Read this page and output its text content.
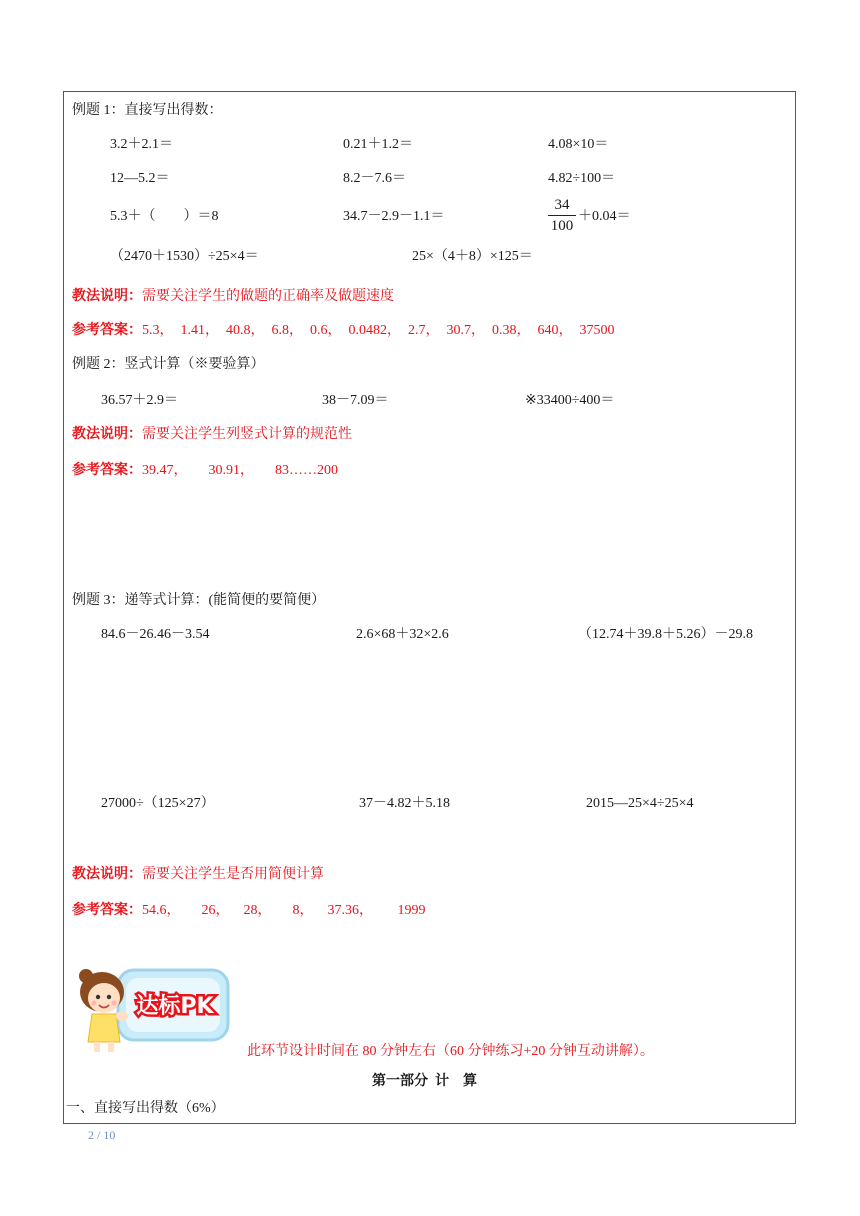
例题 1：直接写出得数：
3.2＋2.1＝	0.21＋1.2＝	4.08×10＝
12—5.2＝	8.2－7.6＝	4.82÷100＝
5.3＋（　　）＝8	34.7－2.9－1.1＝	$\frac{34}{100} +0.04=$
（2470＋1530）÷25×4＝	25×（4＋8）×125＝
教法说明：需要关注学生的做题的正确率及做题速度
参考答案：5.3，  1.41，  40.8，  6.8，  0.6，  0.0482，  2.7，  30.7，  0.38，  640，  37500
例题 2：竖式计算（※要验算）
36.57＋2.9＝	38－7.09＝	※33400÷400＝
教法说明：需要关注学生列竖式计算的规范性
参考答案：39.47，      30.91，      83……200
例题 3：递等式计算：(能简便的要简便）
84.6－26.46－3.54	2.6×68＋32×2.6	（12.74＋39.8＋5.26）－29.8
27000÷（125×27）	37－4.82＋5.18	2015—25×4÷25×4
教法说明：需要关注学生是否用简便计算
参考答案：54.6，      26，    28，      8，    37.36，       1999
达标PK
此环节设计时间在 80 分钟左右（60 分钟练习+20 分钟互动讲解）。
第一部分  计    算
一、直接写出得数（6%）
2 / 10
